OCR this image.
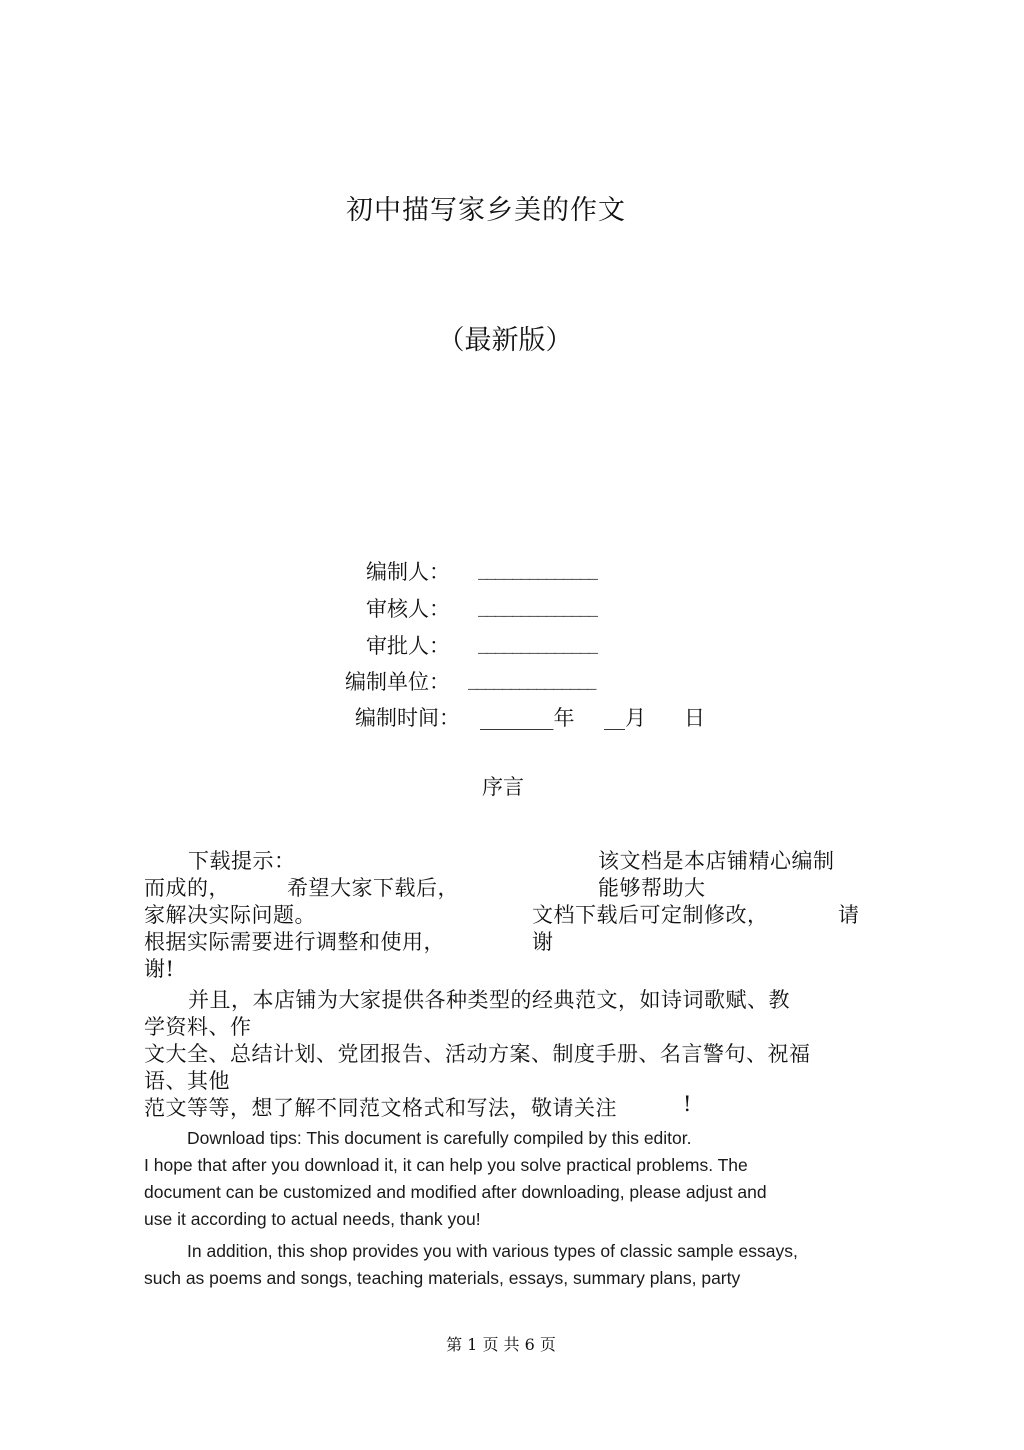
初中描写家乡美的作文
（最新版）
编制人： ______________
审核人： ______________
审批人： ______________
编制单位： _______________
编制时间： _______年 __月 日
序言
下载提示：	该文档是本店铺精心编制
而成的，	希望大家下载后，	能够帮助大
家解决实际问题。	文档下载后可定制修改，	请
根据实际需要进行调整和使用，	谢
谢!
并且，本店铺为大家提供各种类型的经典范文，如诗词歌赋、教
学资料、作
文大全、总结计划、党团报告、活动方案、制度手册、名言警句、祝福
语、其他
范文等等，想了解不同范文格式和写法，敬请关注	!
Download tips: This document is carefully compiled by this editor.
I hope that after you download it, it can help you solve practical problems. The
document can be customized and modified after downloading, please adjust and
use it according to actual needs, thank you!
In addition, this shop provides you with various types of classic sample essays,
such as poems and songs, teaching materials, essays, summary plans, party
第 1 页 共 6 页
